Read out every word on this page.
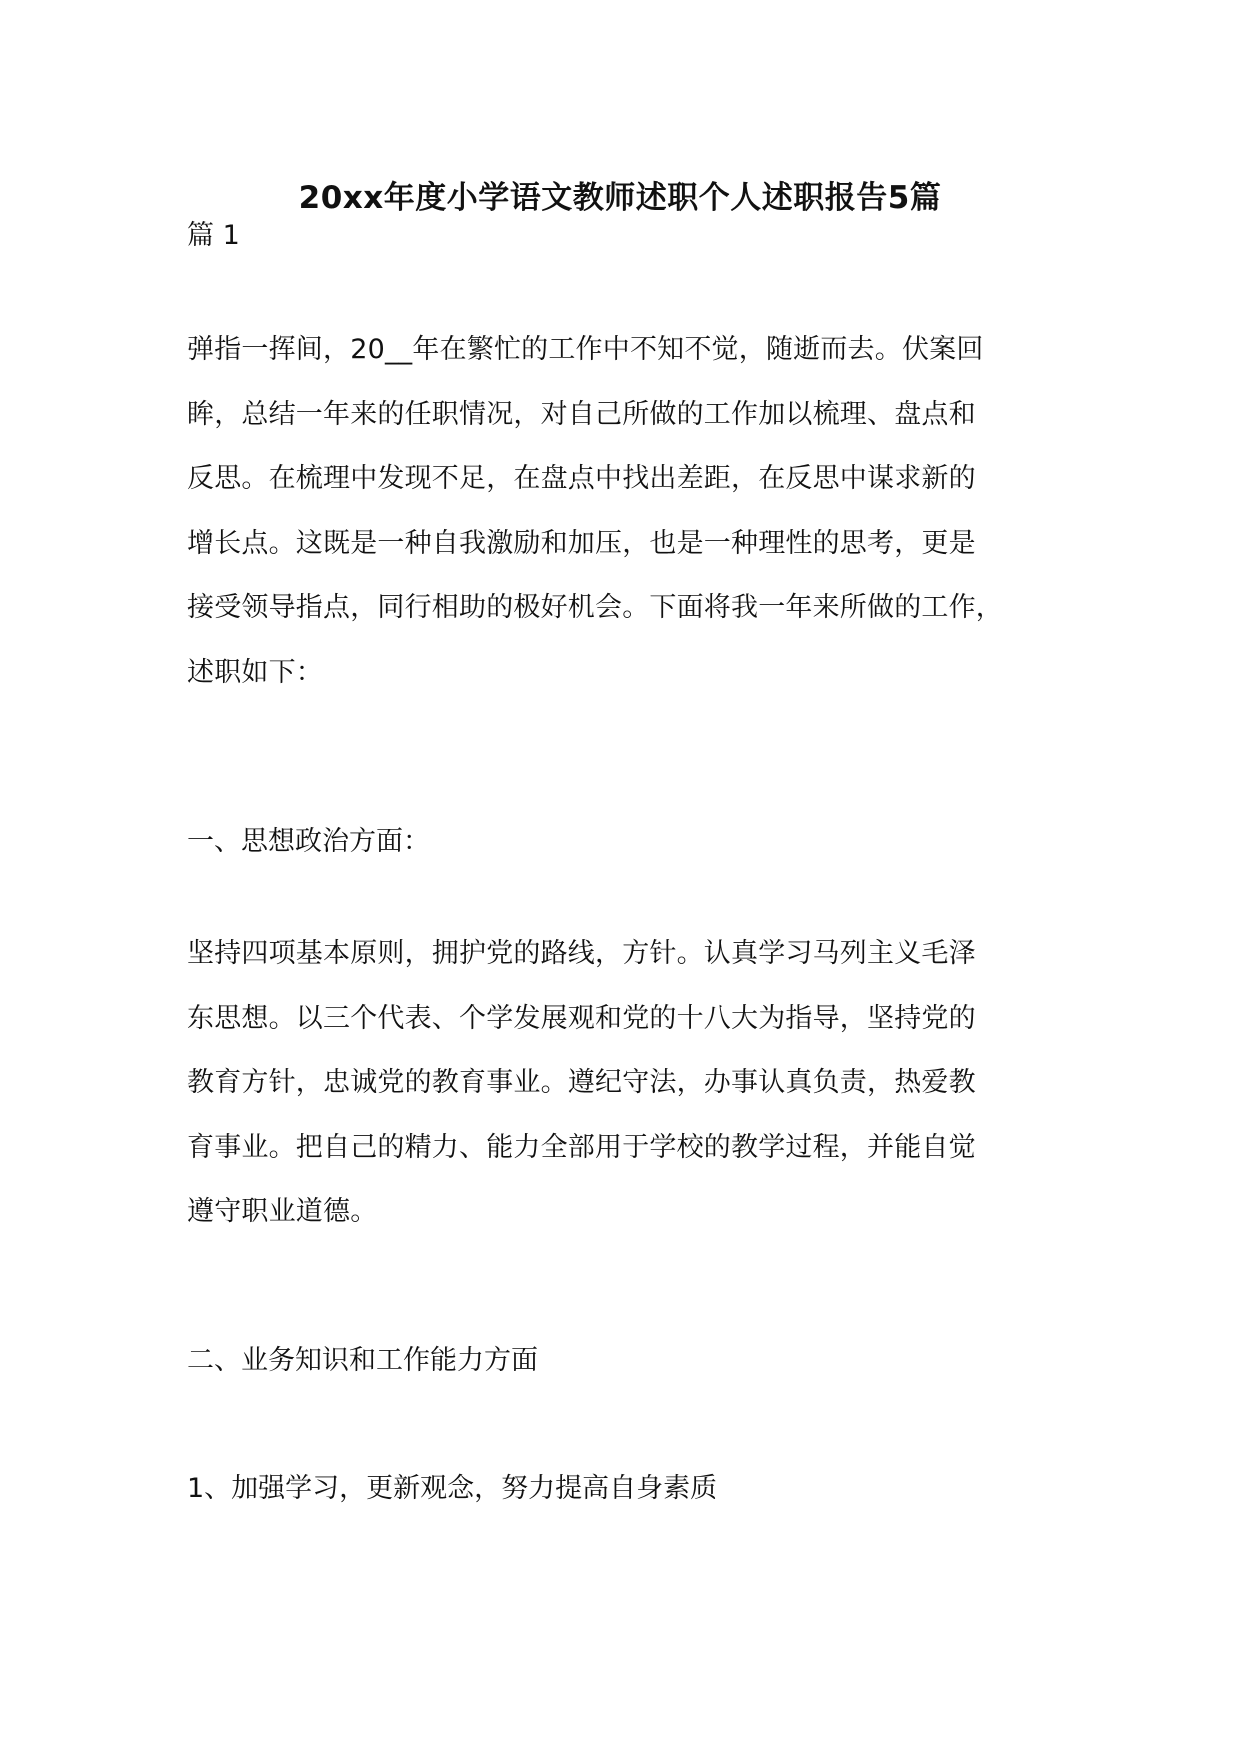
20xx年度小学语文教师述职个人述职报告5篇
篇 1
弹指一挥间，20__年在繁忙的工作中不知不觉，随逝而去。伏案回
眸，总结一年来的任职情况，对自己所做的工作加以梳理、盘点和
反思。在梳理中发现不足，在盘点中找出差距，在反思中谋求新的
增长点。这既是一种自我激励和加压，也是一种理性的思考，更是
接受领导指点，同行相助的极好机会。下面将我一年来所做的工作，
述职如下：
一、思想政治方面：
坚持四项基本原则，拥护党的路线，方针。认真学习马列主义毛泽
东思想。以三个代表、个学发展观和党的十八大为指导，坚持党的
教育方针，忠诚党的教育事业。遵纪守法，办事认真负责，热爱教
育事业。把自己的精力、能力全部用于学校的教学过程，并能自觉
遵守职业道德。
二、业务知识和工作能力方面
1、加强学习，更新观念，努力提高自身素质
